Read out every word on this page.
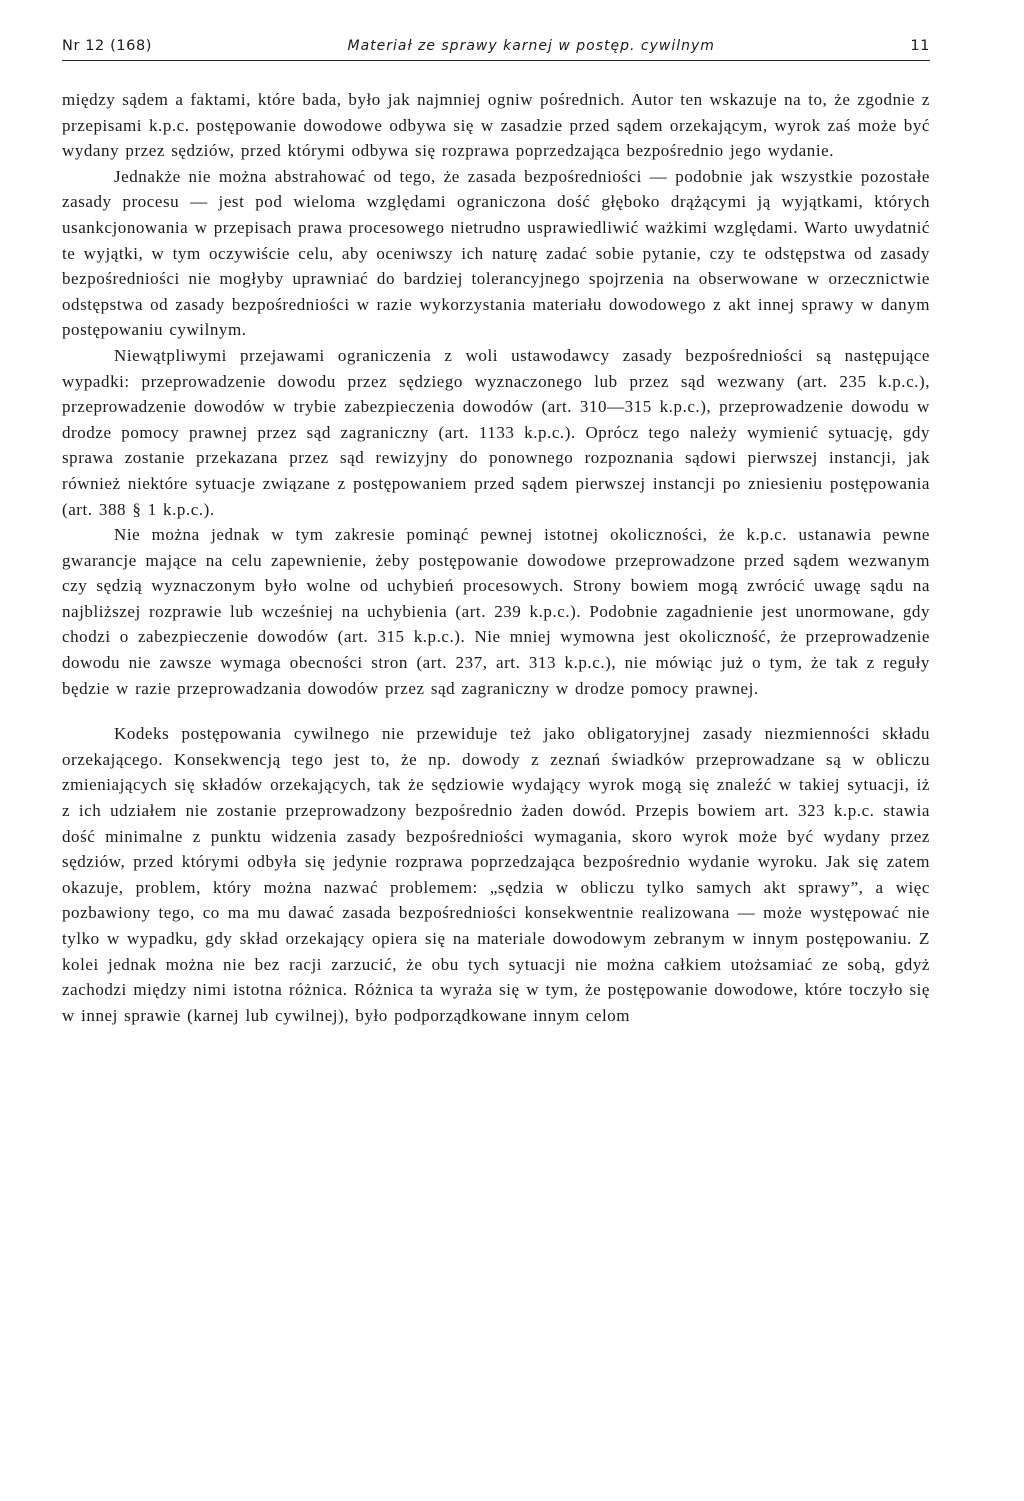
Nr 12 (168)	Materiał ze sprawy karnej w postęp. cywilnym	11

między sądem a faktami, które bada, było jak najmniej ogniw pośrednich. Autor ten wskazuje na to, że zgodnie z przepisami k.p.c. postępowanie dowodowe odbywa się w zasadzie przed sądem orzekającym, wyrok zaś może być wydany przez sędziów, przed którymi odbywa się rozprawa poprzedzająca bezpośrednio jego wydanie.

Jednakże nie można abstrahować od tego, że zasada bezpośredniości — podobnie jak wszystkie pozostałe zasady procesu — jest pod wieloma względami ograniczona dość głęboko drążącymi ją wyjątkami, których usankcjonowania w przepisach prawa procesowego nietrudno usprawiedliwić ważkimi względami. Warto uwydatnić te wyjątki, w tym oczywiście celu, aby oceniwszy ich naturę zadać sobie pytanie, czy te odstępstwa od zasady bezpośredniości nie mogłyby uprawniać do bardziej tolerancyjnego spojrzenia na obserwowane w orzecznictwie odstępstwa od zasady bezpośredniości w razie wykorzystania materiału dowodowego z akt innej sprawy w danym postępowaniu cywilnym.

Niewątpliwymi przejawami ograniczenia z woli ustawodawcy zasady bezpośredniości są następujące wypadki: przeprowadzenie dowodu przez sędziego wyznaczonego lub przez sąd wezwany (art. 235 k.p.c.), przeprowadzenie dowodów w trybie zabezpieczenia dowodów (art. 310—315 k.p.c.), przeprowadzenie dowodu w drodze pomocy prawnej przez sąd zagraniczny (art. 1133 k.p.c.). Oprócz tego należy wymienić sytuację, gdy sprawa zostanie przekazana przez sąd rewizyjny do ponownego rozpoznania sądowi pierwszej instancji, jak również niektóre sytuacje związane z postępowaniem przed sądem pierwszej instancji po zniesieniu postępowania (art. 388 § 1 k.p.c.).

Nie można jednak w tym zakresie pominąć pewnej istotnej okoliczności, że k.p.c. ustanawia pewne gwarancje mające na celu zapewnienie, żeby postępowanie dowodowe przeprowadzone przed sądem wezwanym czy sędzią wyznaczonym było wolne od uchybień procesowych. Strony bowiem mogą zwrócić uwagę sądu na najbliższej rozprawie lub wcześniej na uchybienia (art. 239 k.p.c.). Podobnie zagadnienie jest unormowane, gdy chodzi o zabezpieczenie dowodów (art. 315 k.p.c.). Nie mniej wymowna jest okoliczność, że przeprowadzenie dowodu nie zawsze wymaga obecności stron (art. 237, art. 313 k.p.c.), nie mówiąc już o tym, że tak z reguły będzie w razie przeprowadzania dowodów przez sąd zagraniczny w drodze pomocy prawnej.

Kodeks postępowania cywilnego nie przewiduje też jako obligatoryjnej zasady niezmienności składu orzekającego. Konsekwencją tego jest to, że np. dowody z zeznań świadków przeprowadzane są w obliczu zmieniających się składów orzekających, tak że sędziowie wydający wyrok mogą się znaleźć w takiej sytuacji, iż z ich udziałem nie zostanie przeprowadzony bezpośrednio żaden dowód. Przepis bowiem art. 323 k.p.c. stawia dość minimalne z punktu widzenia zasady bezpośredniości wymagania, skoro wyrok może być wydany przez sędziów, przed którymi odbyła się jedynie rozprawa poprzedzająca bezpośrednio wydanie wyroku. Jak się zatem okazuje, problem, który można nazwać problemem: „sędzia w obliczu tylko samych akt sprawy”, a więc pozbawiony tego, co ma mu dawać zasada bezpośredniości konsekwentnie realizowana — może występować nie tylko w wypadku, gdy skład orzekający opiera się na materiale dowodowym zebranym w innym postępowaniu. Z kolei jednak można nie bez racji zarzucić, że obu tych sytuacji nie można całkiem utożsamiać ze sobą, gdyż zachodzi między nimi istotna różnica. Różnica ta wyraża się w tym, że postępowanie dowodowe, które toczyło się w innej sprawie (karnej lub cywilnej), było podporządkowane innym celom
